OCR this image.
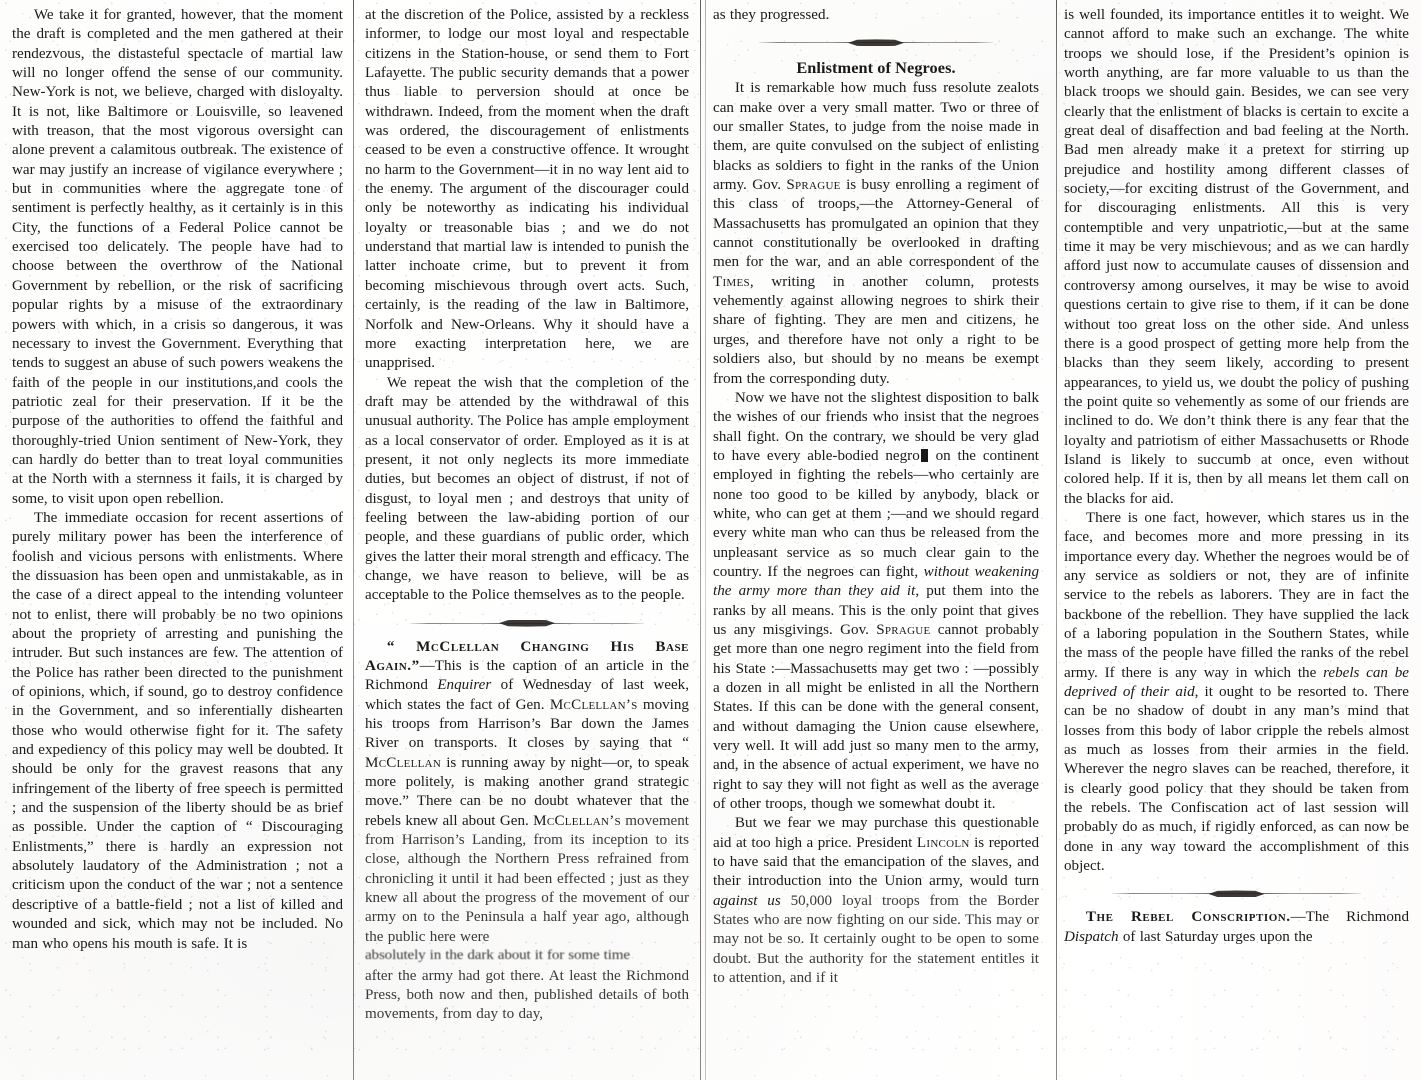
We take it for granted, however, that the moment the draft is completed and the men gathered at their rendezvous, the distasteful spectacle of martial law will no longer offend the sense of our community. New-York is not, we believe, charged with disloyalty. It is not, like Baltimore or Louisville, so leavened with treason, that the most vigorous oversight can alone prevent a calamitous outbreak. The existence of war may justify an increase of vigilance everywhere ; but in communities where the aggregate tone of sentiment is perfectly healthy, as it certainly is in this City, the functions of a Federal Police cannot be exercised too delicately. The people have had to choose between the overthrow of the National Government by rebellion, or the risk of sacrificing popular rights by a misuse of the extraordinary powers with which, in a crisis so dangerous, it was necessary to invest the Government. Everything that tends to suggest an abuse of such powers weakens the faith of the people in our institutions,and cools the patriotic zeal for their preservation. If it be the purpose of the authorities to offend the faithful and thoroughly-tried Union sentiment of New-York, they can hardly do better than to treat loyal communities at the North with a sternness it fails, it is charged by some, to visit upon open rebellion.

The immediate occasion for recent assertions of purely military power has been the interference of foolish and vicious persons with enlistments. Where the dissuasion has been open and unmistakable, as in the case of a direct appeal to the intending volunteer not to enlist, there will probably be no two opinions about the propriety of arresting and punishing the intruder. But such instances are few. The attention of the Police has rather been directed to the punishment of opinions, which, if sound, go to destroy confidence in the Government, and so inferentially dishearten those who would otherwise fight for it. The safety and expediency of this policy may well be doubted. It should be only for the gravest reasons that any infringement of the liberty of free speech is permitted ; and the suspension of the liberty should be as brief as possible. Under the caption of “ Discouraging Enlistments,” there is hardly an expression not absolutely laudatory of the Administration ; not a criticism upon the conduct of the war ; not a sentence descriptive of a battle-field ; not a list of killed and wounded and sick, which may not be included. No man who opens his mouth is safe. It is

at the discretion of the Police, assisted by a reckless informer, to lodge our most loyal and respectable citizens in the Station-house, or send them to Fort Lafayette. The public security demands that a power thus liable to perversion should at once be withdrawn. Indeed, from the moment when the draft was ordered, the discouragement of enlistments ceased to be even a constructive offence. It wrought no harm to the Government—it in no way lent aid to the enemy. The argument of the discourager could only be noteworthy as indicating his individual loyalty or treasonable bias ; and we do not understand that martial law is intended to punish the latter inchoate crime, but to prevent it from becoming mischievous through overt acts. Such, certainly, is the reading of the law in Baltimore, Norfolk and New-Orleans. Why it should have a more exacting interpretation here, we are unapprised.

We repeat the wish that the completion of the draft may be attended by the withdrawal of this unusual authority. The Police has ample employment as a local conservator of order. Employed as it is at present, it not only neglects its more immediate duties, but becomes an object of distrust, if not of disgust, to loyal men ; and destroys that unity of feeling between the law-abiding portion of our people, and these guardians of public order, which gives the latter their moral strength and efficacy. The change, we have reason to believe, will be as acceptable to the Police themselves as to the people.

“ McClellan Changing His Base Again.”—This is the caption of an article in the Richmond Enquirer of Wednesday of last week, which states the fact of Gen. McClellan’s moving his troops from Harrison’s Bar down the James River on transports. It closes by saying that “ McClellan is running away by night—or, to speak more politely, is making another grand strategic move.” There can be no doubt whatever that the rebels knew all about Gen. McClellan’s movement from Harrison’s Landing, from its inception to its close, although the Northern Press refrained from chronicling it until it had been effected ; just as they knew all about the progress of the movement of our army on to the Peninsula a half year ago, although the public here were

absolutely in the dark about it for some time

after the army had got there. At least the Richmond Press, both now and then, published details of both movements, from day to day,

as they progressed.

Enlistment of Negroes.

It is remarkable how much fuss resolute zealots can make over a very small matter. Two or three of our smaller States, to judge from the noise made in them, are quite convulsed on the subject of enlisting blacks as soldiers to fight in the ranks of the Union army. Gov. Sprague is busy enrolling a regiment of this class of troops,—the Attorney-General of Massachusetts has promulgated an opinion that they cannot constitutionally be overlooked in drafting men for the war, and an able correspondent of the Times, writing in another column, protests vehemently against allowing negroes to shirk their share of fighting. They are men and citizens, he urges, and therefore have not only a right to be soldiers also, but should by no means be exempt from the corresponding duty.

Now we have not the slightest disposition to balk the wishes of our friends who insist that the negroes shall fight. On the contrary, we should be very glad to have every able-bodied negro on the continent employed in fighting the rebels—who certainly are none too good to be killed by anybody, black or white, who can get at them ;—and we should regard every white man who can thus be released from the unpleasant service as so much clear gain to the country. If the negroes can fight, without weakening the army more than they aid it, put them into the ranks by all means. This is the only point that gives us any misgivings. Gov. Sprague cannot probably get more than one negro regiment into the field from his State :—Massachusetts may get two : —possibly a dozen in all might be enlisted in all the Northern States. If this can be done with the general consent, and without damaging the Union cause elsewhere, very well. It will add just so many men to the army, and, in the absence of actual experiment, we have no right to say they will not fight as well as the average of other troops, though we somewhat doubt it.

But we fear we may purchase this questionable aid at too high a price. President Lincoln is reported to have said that the emancipation of the slaves, and their introduction into the Union army, would turn against us 50,000 loyal troops from the Border States who are now fighting on our side. This may or may not be so. It certainly ought to be open to some doubt. But the authority for the statement entitles it to attention, and if it

is well founded, its importance entitles it to weight. We cannot afford to make such an exchange. The white troops we should lose, if the President’s opinion is worth anything, are far more valuable to us than the black troops we should gain. Besides, we can see very clearly that the enlistment of blacks is certain to excite a great deal of disaffection and bad feeling at the North. Bad men already make it a pretext for stirring up prejudice and hostility among different classes of society,—for exciting distrust of the Government, and for discouraging enlistments. All this is very contemptible and very unpatriotic,—but at the same time it may be very mischievous; and as we can hardly afford just now to accumulate causes of dissension and controversy among ourselves, it may be wise to avoid questions certain to give rise to them, if it can be done without too great loss on the other side. And unless there is a good prospect of getting more help from the blacks than they seem likely, according to present appearances, to yield us, we doubt the policy of pushing the point quite so vehemently as some of our friends are inclined to do. We don’t think there is any fear that the loyalty and patriotism of either Massachusetts or Rhode Island is likely to succumb at once, even without colored help. If it is, then by all means let them call on the blacks for aid.

There is one fact, however, which stares us in the face, and becomes more and more pressing in its importance every day. Whether the negroes would be of any service as soldiers or not, they are of infinite service to the rebels as laborers. They are in fact the backbone of the rebellion. They have supplied the lack of a laboring population in the Southern States, while the mass of the people have filled the ranks of the rebel army. If there is any way in which the rebels can be deprived of their aid, it ought to be resorted to. There can be no shadow of doubt in any man’s mind that losses from this body of labor cripple the rebels almost as much as losses from their armies in the field. Wherever the negro slaves can be reached, therefore, it is clearly good policy that they should be taken from the rebels. The Confiscation act of last session will probably do as much, if rigidly enforced, as can now be done in any way toward the accomplishment of this object.

The Rebel Conscription.—The Richmond Dispatch of last Saturday urges upon the
